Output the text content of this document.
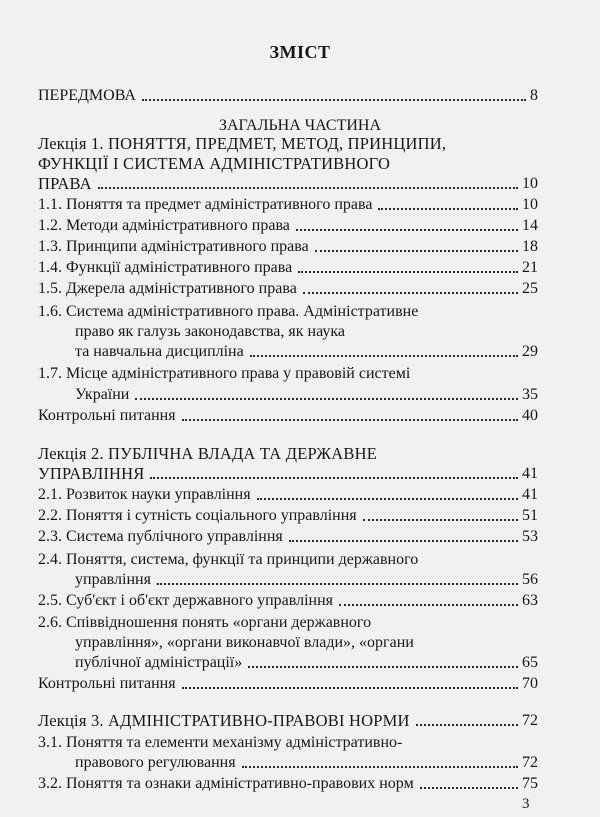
ЗМІСТ
ПЕРЕДМОВА	8
ЗАГАЛЬНА ЧАСТИНА
Лекція 1. ПОНЯТТЯ, ПРЕДМЕТ, МЕТОД, ПРИНЦИПИ,
ФУНКЦІЇ І СИСТЕМА АДМІНІСТРАТИВНОГО
ПРАВА	10
1.1. Поняття та предмет адміністративного права	10
1.2. Методи адміністративного права	14
1.3. Принципи адміністративного права	18
1.4. Функції адміністративного права	21
1.5. Джерела адміністративного права	25
1.6. Система адміністративного права. Адміністративне
право як галузь законодавства, як наука
та навчальна дисципліна	29
1.7. Місце адміністративного права у правовій системі
України	35
Контрольні питання	40
Лекція 2. ПУБЛІЧНА ВЛАДА ТА ДЕРЖАВНЕ
УПРАВЛІННЯ	41
2.1. Розвиток науки управління	41
2.2. Поняття і сутність соціального управління	51
2.3. Система публічного управління	53
2.4. Поняття, система, функції та принципи державного
управління	56
2.5. Суб'єкт і об'єкт державного управління	63
2.6. Співвідношення понять «органи державного
управління», «органи виконавчої влади», «органи
публічної адміністрації»	65
Контрольні питання	70
Лекція 3. АДМІНІСТРАТИВНО-ПРАВОВІ НОРМИ	72
3.1. Поняття та елементи механізму адміністративно-
правового регулювання	72
3.2. Поняття та ознаки адміністративно-правових норм	75
3
